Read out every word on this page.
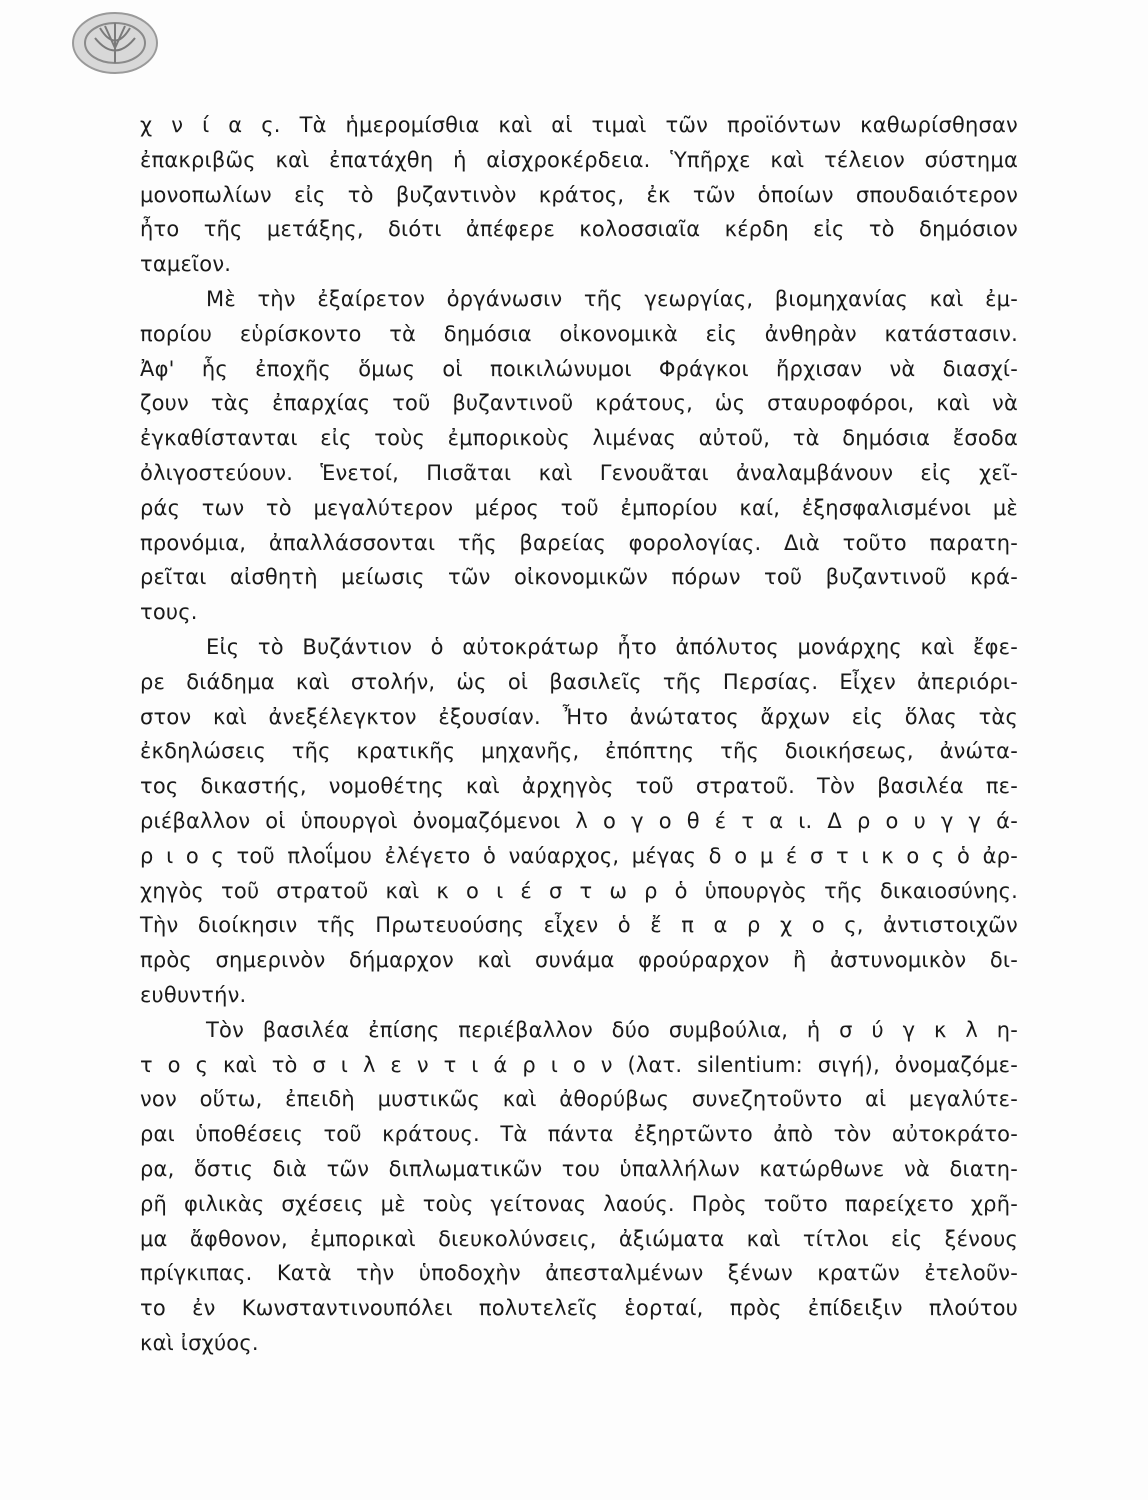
χ ν ί α ς. Τὰ ἡμερομίσθια καὶ αἱ τιμαὶ τῶν προϊόντων καθωρίσθησαν
ἐπακριβῶς καὶ ἐπατάχθη ἡ αἰσχροκέρδεια. Ὑπῆρχε καὶ τέλειον σύστημα
μονοπωλίων εἰς τὸ βυζαντινὸν κράτος, ἐκ τῶν ὁποίων σπουδαιότερον
ἦτο τῆς μετάξης, διότι ἀπέφερε κολοσσιαῖα κέρδη εἰς τὸ δημόσιον
ταμεῖον.
Μὲ τὴν ἐξαίρετον ὀργάνωσιν τῆς γεωργίας, βιομηχανίας καὶ ἐμ-
πορίου εὑρίσκοντο τὰ δημόσια οἰκονομικὰ εἰς ἀνθηρὰν κατάστασιν.
Ἀφ' ἧς ἐποχῆς ὅμως οἱ ποικιλώνυμοι Φράγκοι ἤρχισαν νὰ διασχί-
ζουν τὰς ἐπαρχίας τοῦ βυζαντινοῦ κράτους, ὡς σταυροφόροι, καὶ νὰ
ἐγκαθίστανται εἰς τοὺς ἐμπορικοὺς λιμένας αὐτοῦ, τὰ δημόσια ἔσοδα
ὀλιγοστεύουν. Ἑνετοί, Πισᾶται καὶ Γενουᾶται ἀναλαμβάνουν εἰς χεῖ-
ράς των τὸ μεγαλύτερον μέρος τοῦ ἐμπορίου καί, ἐξησφαλισμένοι μὲ
προνόμια, ἀπαλλάσσονται τῆς βαρείας φορολογίας. Διὰ τοῦτο παρατη-
ρεῖται αἰσθητὴ μείωσις τῶν οἰκονομικῶν πόρων τοῦ βυζαντινοῦ κρά-
τους.
Εἰς τὸ Βυζάντιον ὁ αὐτοκράτωρ ἦτο ἀπόλυτος μονάρχης καὶ ἔφε-
ρε διάδημα καὶ στολήν, ὡς οἱ βασιλεῖς τῆς Περσίας. Εἶχεν ἀπεριόρι-
στον καὶ ἀνεξέλεγκτον ἐξουσίαν. Ἦτο ἀνώτατος ἄρχων εἰς ὅλας τὰς
ἐκδηλώσεις τῆς κρατικῆς μηχανῆς, ἐπόπτης τῆς διοικήσεως, ἀνώτα-
τος δικαστής, νομοθέτης καὶ ἀρχηγὸς τοῦ στρατοῦ. Τὸν βασιλέα πε-
ριέβαλλον οἱ ὑπουργοὶ ὀνομαζόμενοι λ ο γ ο θ έ τ α ι. Δ ρ ο υ γ γ ά-
ρ ι ο ς τοῦ πλοΐμου ἐλέγετο ὁ ναύαρχος, μέγας δ ο μ έ σ τ ι κ ο ς ὁ ἀρ-
χηγὸς τοῦ στρατοῦ καὶ κ ο ι έ σ τ ω ρ ὁ ὑπουργὸς τῆς δικαιοσύνης.
Τὴν διοίκησιν τῆς Πρωτευούσης εἶχεν ὁ ἔ π α ρ χ ο ς, ἀντιστοιχῶν
πρὸς σημερινὸν δήμαρχον καὶ συνάμα φρούραρχον ἢ ἀστυνομικὸν δι-
ευθυντήν.
Τὸν βασιλέα ἐπίσης περιέβαλλον δύο συμβούλια, ἡ σ ύ γ κ λ η-
τ ο ς καὶ τὸ σ ι λ ε ν τ ι ά ρ ι ο ν (λατ. silentium: σιγή), ὀνομαζόμε-
νον οὕτω, ἐπειδὴ μυστικῶς καὶ ἀθορύβως συνεζητοῦντο αἱ μεγαλύτε-
ραι ὑποθέσεις τοῦ κράτους. Τὰ πάντα ἐξηρτῶντο ἀπὸ τὸν αὐτοκράτο-
ρα, ὅστις διὰ τῶν διπλωματικῶν του ὑπαλλήλων κατώρθωνε νὰ διατη-
ρῆ φιλικὰς σχέσεις μὲ τοὺς γείτονας λαούς. Πρὸς τοῦτο παρείχετο χρῆ-
μα ἄφθονον, ἐμπορικαὶ διευκολύνσεις, ἀξιώματα καὶ τίτλοι εἰς ξένους
πρίγκιπας. Κατὰ τὴν ὑποδοχὴν ἀπεσταλμένων ξένων κρατῶν ἐτελοῦν-
το ἐν Κωνσταντινουπόλει πολυτελεῖς ἑορταί, πρὸς ἐπίδειξιν πλούτου
καὶ ἰσχύος.
